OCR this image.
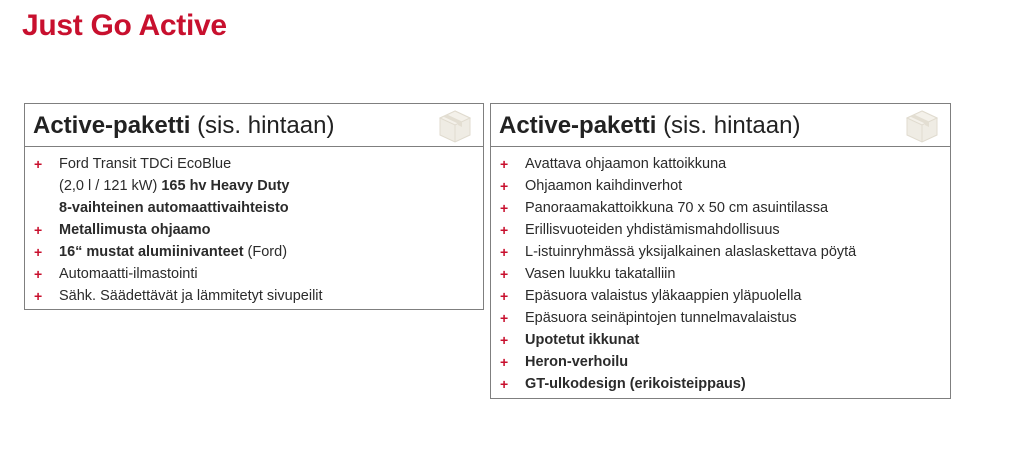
Just Go Active
Active-paketti (sis. hintaan)
+ Ford Transit TDCi EcoBlue
(2,0 l / 121 kW) 165 hv Heavy Duty
8-vaihteinen automaattivaihteisto
+ Metallimusta ohjaamo
+ 16“ mustat alumiinivanteet (Ford)
+ Automaatti-ilmastointi
+ Sähk. Säädettävät ja lämmitetyt sivupeilit
Active-paketti (sis. hintaan)
+ Avattava ohjaamon kattoikkuna
+ Ohjaamon kaihdinverhot
+ Panoraamakattoikkuna 70 x 50 cm asuintilassa
+ Erillisvuoteiden yhdistämismahdollisuus
+ L-istuinryhmässä yksijalkainen alaslaskettava pöytä
+ Vasen luukku takatalliin
+ Epäsuora valaistus yläkaappien yläpuolella
+ Epäsuora seinäpintojen tunnelmavalaistus
+ Upotetut ikkunat
+ Heron-verhoilu
+ GT-ulkodesign (erikoisteippaus)
